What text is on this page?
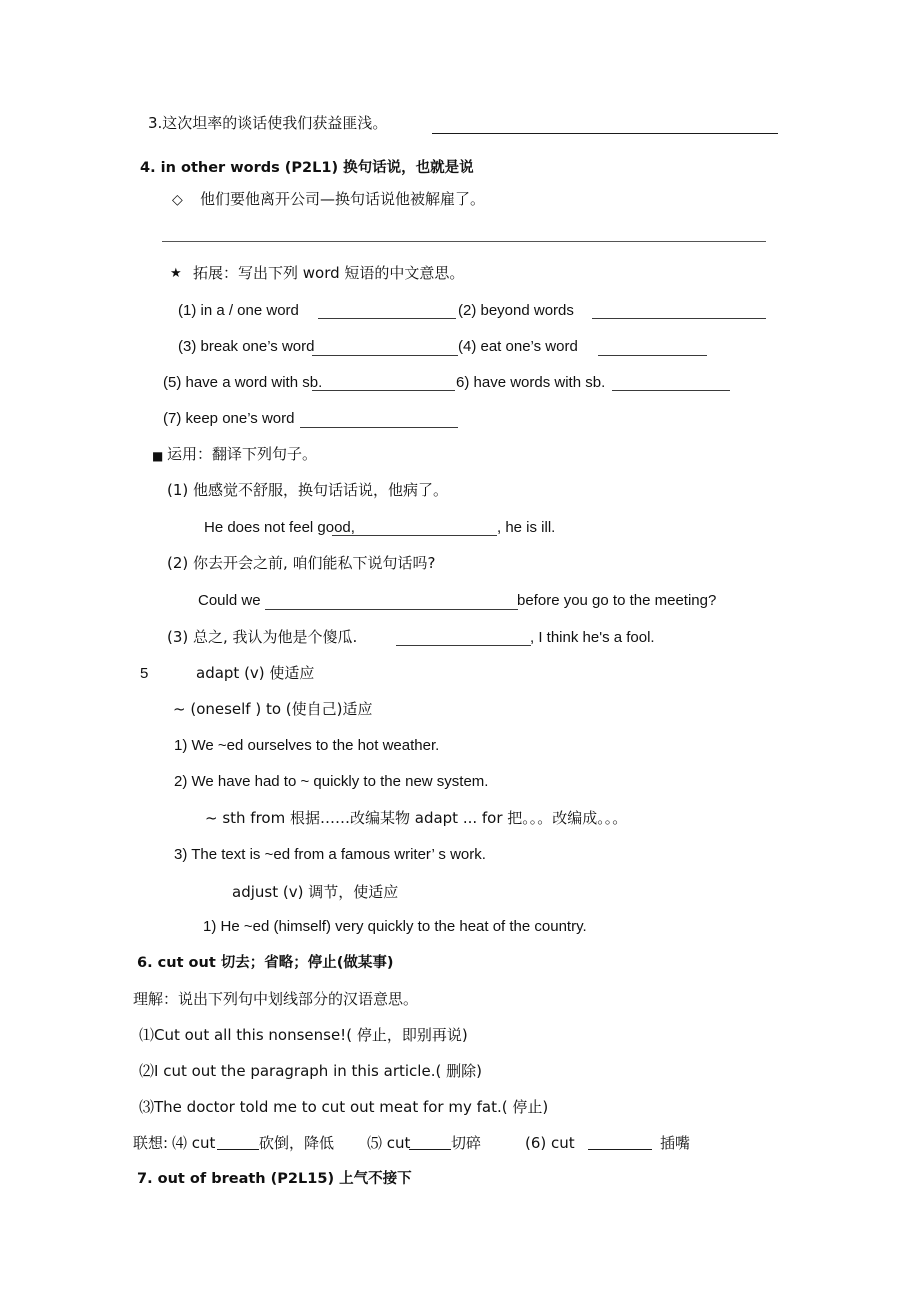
3.这次坦率的谈话使我们获益匪浅。
4. in other words (P2L1) 换句话说，也就是说
◇ 他们要他离开公司—换句话说他被解雇了。
★ 拓展：写出下列 word 短语的中文意思。
(1) in a / one word	(2) beyond words
(3) break one’s word	(4) eat one’s word
(5) have a word with sb.	6) have words with sb.
(7) keep one’s word
■ 运用：翻译下列句子。
(1) 他感觉不舒服，换句话话说，他病了。
He does not feel good,	, he is ill.
(2) 你去开会之前, 咱们能私下说句话吗?
Could we	before you go to the meeting?
(3) 总之, 我认为他是个傻瓜.	, I think he's a fool.
5	adapt (v) 使适应
~ (oneself ) to (使自己)适应
1) We ~ed ourselves to the hot weather.
2) We have had to ~ quickly to the new system.
~ sth from 根据……改编某物 adapt ... for 把。。。改编成。。。
3) The text is ~ed from a famous writer’ s work.
adjust (v) 调节，使适应
1) He ~ed (himself) very quickly to the heat of the country.
6. cut out 切去；省略；停止(做某事)
理解：说出下列句中划线部分的汉语意思。
⑴Cut out all this nonsense!( 停止，即别再说)
⑵I cut out the paragraph in this article.( 删除)
⑶The doctor told me to cut out meat for my fat.( 停止)
联想: ⑷ cut	砍倒，降低 ⑸ cut	切碎	(6) cut	插嘴
7. out of breath (P2L15) 上气不接下
